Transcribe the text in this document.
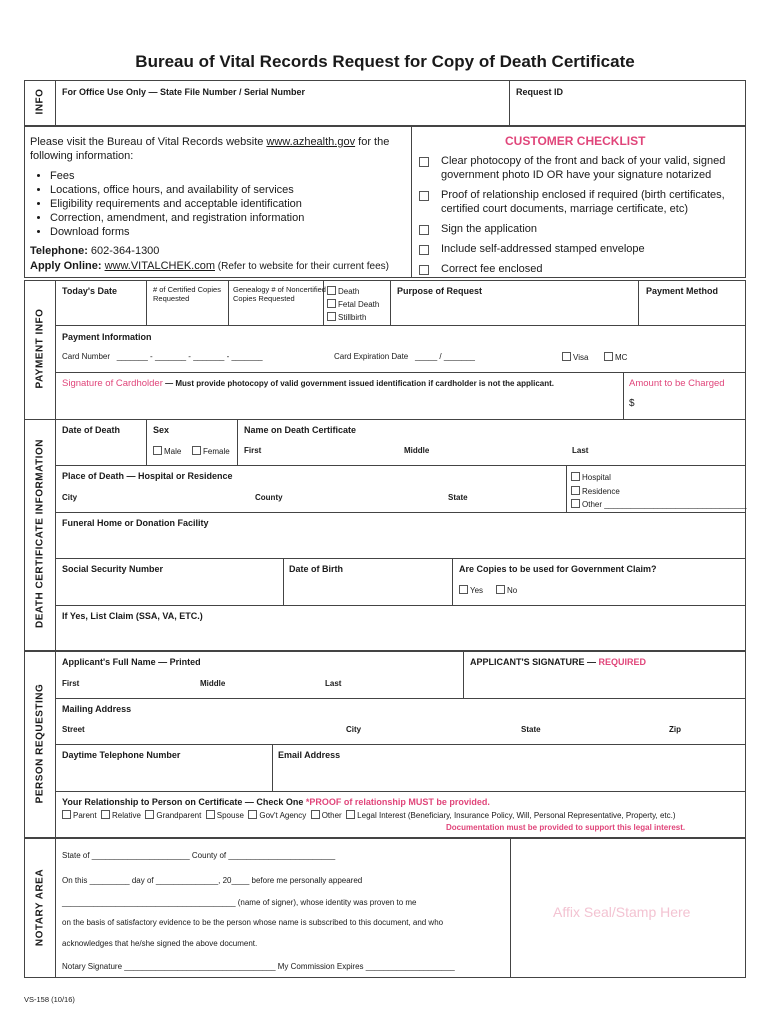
Bureau of Vital Records Request for Copy of Death Certificate
INFO For Office Use Only — State File Number / Serial Number	Request ID
Please visit the Bureau of Vital Records website www.azhealth.gov for the
following information:
• Fees
• Locations, office hours, and availability of services
• Eligibility requirements and acceptable identification
• Correction, amendment, and registration information
• Download forms
Telephone: 602-364-1300
Apply Online: www.VITALCHEK.com (Refer to website for their current fees)
CUSTOMER CHECKLIST
Clear photocopy of the front and back of your valid, signed
government photo ID OR have your signature notarized
Proof of relationship enclosed if required (birth certificates,
certified court documents, marriage certificate, etc)
Sign the application
Include self-addressed stamped envelope
Correct fee enclosed
PAYMENT INFO
Today's Date	# of Certified Copies
Requested
Genealogy # of Noncertified
Copies Requested
Death
Fetal Death
Stillbirth
Purpose of Request	Payment Method
Payment Information
Card Number _______ - _______ - _______ - _______	Card Expiration Date _____ / _______	Visa	MC
Signature of Cardholder — Must provide photocopy of valid government issued identification if cardholder is not the applicant.	Amount to be Charged
$
DEATH CERTIFICATE INFORMATION
Date of Death	Sex
Male	Female
Name on Death Certificate
First	Middle	Last
Place of Death — Hospital or Residence
City	County	State
Hospital
Residence
Other ________________________________
Funeral Home or Donation Facility
Social Security Number	Date of Birth	Are Copies to be used for Government Claim?
Yes	No
If Yes, List Claim (SSA, VA, ETC.)
PERSON REQUESTING
Applicant's Full Name — Printed
First	Middle	Last
APPLICANT'S SIGNATURE — REQUIRED
Mailing Address
Street	City	State	Zip
Daytime Telephone Number	Email Address
Your Relationship to Person on Certificate — Check One *PROOF of relationship MUST be provided.
Parent Relative Grandparent Spouse Gov't Agency Other Legal Interest (Beneficiary, Insurance Policy, Will, Personal Representative, Property, etc.)
Documentation must be provided to support this legal interest.
NOTARY AREA
State of ______________________ County of ________________________
On this _________ day of ______________, 20____ before me personally appeared
_______________________________________ (name of signer), whose identity was proven to me
on the basis of satisfactory evidence to be the person whose name is subscribed to this document, and who
acknowledges that he/she signed the above document.
Notary Signature __________________________________ My Commission Expires ____________________
Affix Seal/Stamp Here
VS-158 (10/16)
